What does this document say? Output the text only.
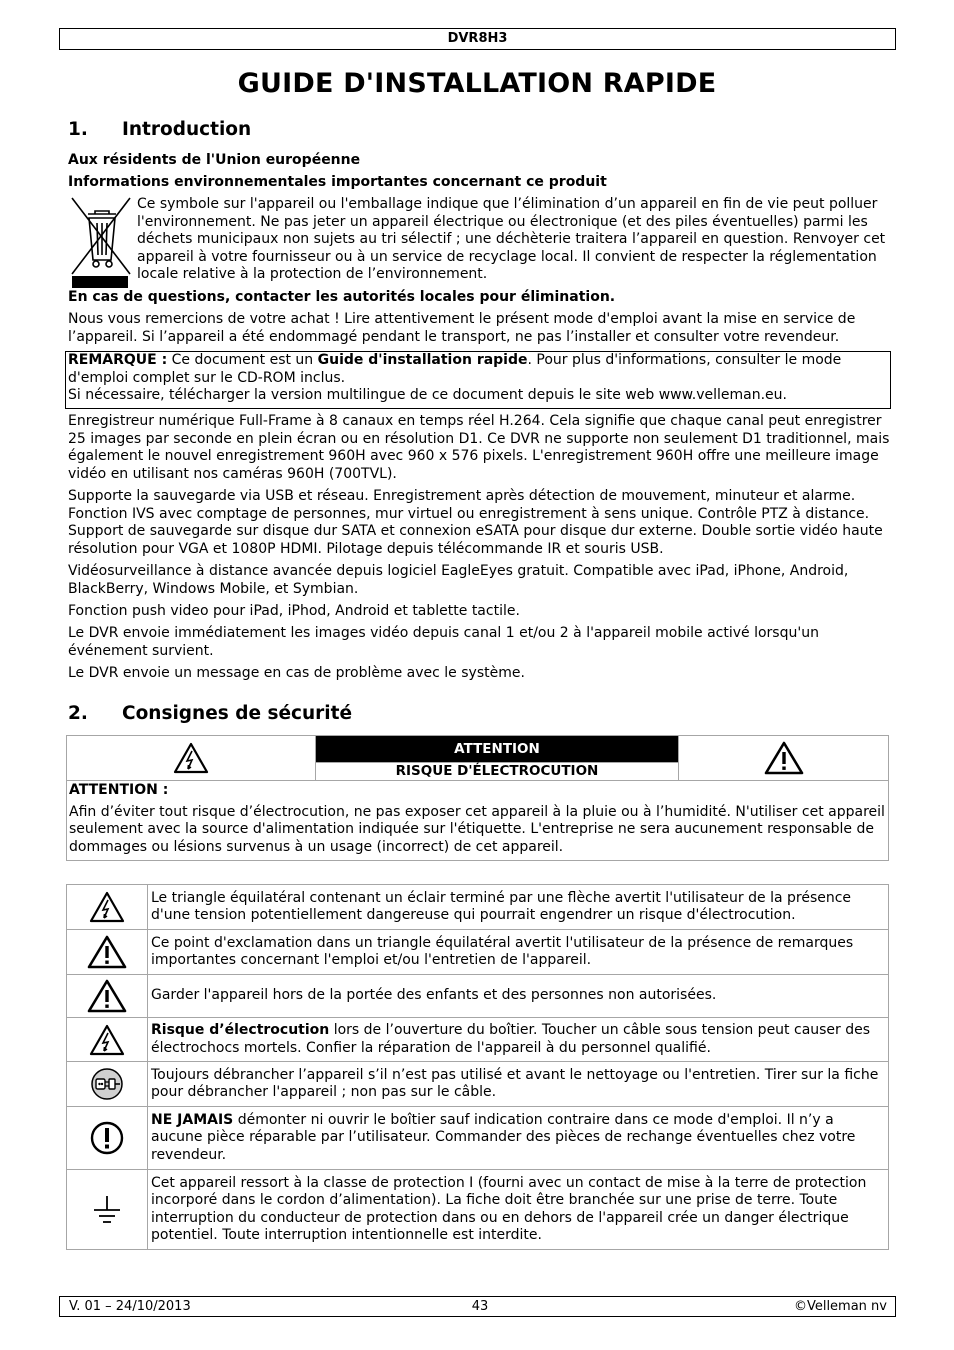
DVR8H3
GUIDE D'INSTALLATION RAPIDE
1. Introduction

Aux résidents de l'Union européenne

Informations environnementales importantes concernant ce produit

Ce symbole sur l'appareil ou l'emballage indique que l’élimination d’un appareil en fin de vie peut polluer l'environnement. Ne pas jeter un appareil électrique ou électronique (et des piles éventuelles) parmi les déchets municipaux non sujets au tri sélectif ; une déchèterie traitera l’appareil en question. Renvoyer cet appareil à votre fournisseur ou à un service de recyclage local. Il convient de respecter la réglementation locale relative à la protection de l’environnement.

En cas de questions, contacter les autorités locales pour élimination.

Nous vous remercions de votre achat ! Lire attentivement le présent mode d'emploi avant la mise en service de l’appareil. Si l’appareil a été endommagé pendant le transport, ne pas l’installer et consulter votre revendeur.

REMARQUE : Ce document est un Guide d'installation rapide. Pour plus d'informations, consulter le mode d'emploi complet sur le CD-ROM inclus.
Si nécessaire, télécharger la version multilingue de ce document depuis le site web www.velleman.eu.

Enregistreur numérique Full-Frame à 8 canaux en temps réel H.264. Cela signifie que chaque canal peut enregistrer 25 images par seconde en plein écran ou en résolution D1. Ce DVR ne supporte non seulement D1 traditionnel, mais également le nouvel enregistrement 960H avec 960 x 576 pixels. L'enregistrement 960H offre une meilleure image vidéo en utilisant nos caméras 960H (700TVL).

Supporte la sauvegarde via USB et réseau. Enregistrement après détection de mouvement, minuteur et alarme. Fonction IVS avec comptage de personnes, mur virtuel ou enregistrement à sens unique. Contrôle PTZ à distance. Support de sauvegarde sur disque dur SATA et connexion eSATA pour disque dur externe. Double sortie vidéo haute résolution pour VGA et 1080P HDMI. Pilotage depuis télécommande IR et souris USB.

Vidéosurveillance à distance avancée depuis logiciel EagleEyes gratuit. Compatible avec iPad, iPhone, Android, BlackBerry, Windows Mobile, et Symbian.

Fonction push video pour iPad, iPhod, Android et tablette tactile.

Le DVR envoie immédiatement les images vidéo depuis canal 1 et/ou 2 à l'appareil mobile activé lorsqu'un événement survient.

Le DVR envoie un message en cas de problème avec le système.

2. Consignes de sécurité

ATTENTION

RISQUE D'ÉLECTROCUTION

ATTENTION :
Afin d’éviter tout risque d’électrocution, ne pas exposer cet appareil à la pluie ou à l’humidité. N'utiliser cet appareil seulement avec la source d'alimentation indiquée sur l'étiquette. L'entreprise ne sera aucunement responsable de dommages ou lésions survenus à un usage (incorrect) de cet appareil.
	Le triangle équilatéral contenant un éclair terminé par une flèche avertit l'utilisateur de la présence d'une tension potentiellement dangereuse qui pourrait engendrer un risque d'électrocution.

	Ce point d'exclamation dans un triangle équilatéral avertit l'utilisateur de la présence de remarques importantes concernant l'emploi et/ou l'entretien de l'appareil.

	Garder l'appareil hors de la portée des enfants et des personnes non autorisées.

	Risque d’électrocution lors de l’ouverture du boîtier. Toucher un câble sous tension peut causer des électrochocs mortels. Confier la réparation de l'appareil à du personnel qualifié.

	Toujours débrancher l’appareil s’il n’est pas utilisé et avant le nettoyage ou l'entretien. Tirer sur la fiche pour débrancher l'appareil ; non pas sur le câble.

	NE JAMAIS démonter ni ouvrir le boîtier sauf indication contraire dans ce mode d'emploi. Il n’y a aucune pièce réparable par l’utilisateur. Commander des pièces de rechange éventuelles chez votre revendeur.

	Cet appareil ressort à la classe de protection I (fourni avec un contact de mise à la terre de protection incorporé dans le cordon d’alimentation). La fiche doit être branchée sur une prise de terre. Toute interruption du conducteur de protection dans ou en dehors de l'appareil crée un danger électrique potentiel. Toute interruption intentionnelle est interdite.
V. 01 – 24/10/2013	43	©Velleman nv
